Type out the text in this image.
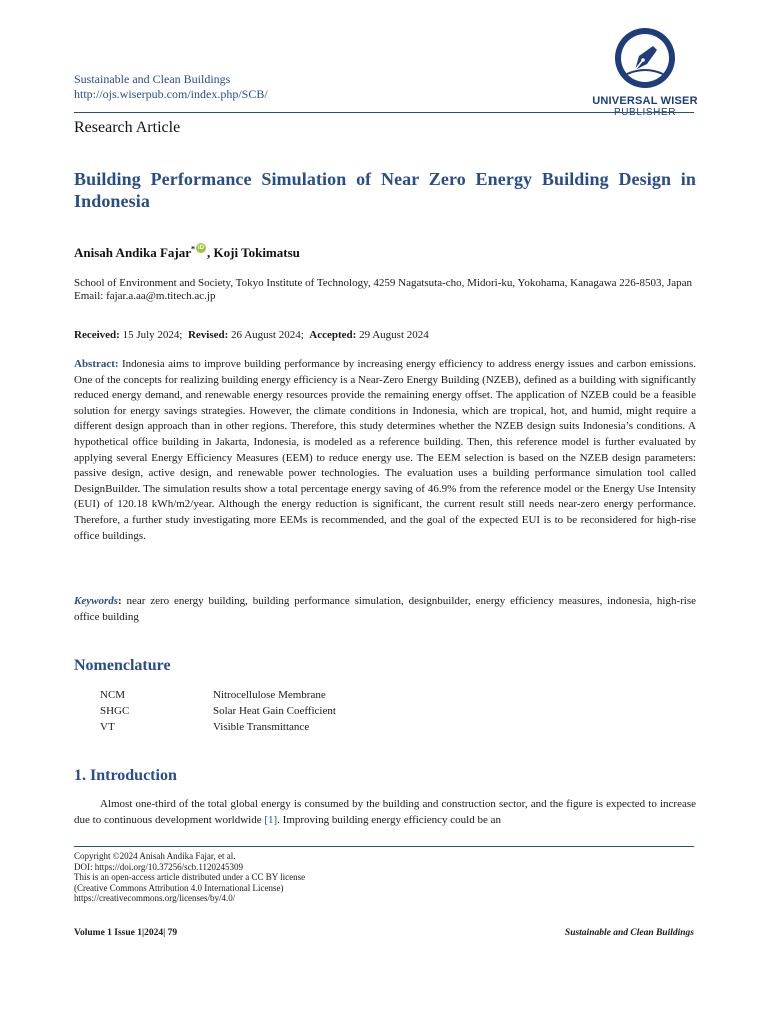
Sustainable and Clean Buildings
http://ojs.wiserpub.com/index.php/SCB/	UNIVERSAL WISER
Research Article
Building Performance Simulation of Near Zero Energy Building Design in Indonesia
Anisah Andika Fajar* iD , Koji Tokimatsu
School of Environment and Society, Tokyo Institute of Technology, 4259 Nagatsuta-cho, Midori-ku, Yokohama, Kanagawa 226-8503, Japan
Email: fajar.a.aa@m.titech.ac.jp
Received: 15 July 2024; Revised: 26 August 2024; Accepted: 29 August 2024
Abstract: Indonesia aims to improve building performance by increasing energy efficiency to address energy issues and carbon emissions. One of the concepts for realizing building energy efficiency is a Near-Zero Energy Building (NZEB), defined as a building with significantly reduced energy demand, and renewable energy resources provide the remaining energy offset. The application of NZEB could be a feasible solution for energy savings strategies. However, the climate conditions in Indonesia, which are tropical, hot, and humid, might require a different design approach than in other regions. Therefore, this study determines whether the NZEB design suits Indonesia’s conditions. A hypothetical office building in Jakarta, Indonesia, is modeled as a reference building. Then, this reference model is further evaluated by applying several Energy Efficiency Measures (EEM) to reduce energy use. The EEM selection is based on the NZEB design parameters: passive design, active design, and renewable power technologies. The evaluation uses a building performance simulation tool called DesignBuilder. The simulation results show a total percentage energy saving of 46.9% from the reference model or the Energy Use Intensity (EUI) of 120.18 kWh/m2/year. Although the energy reduction is significant, the current result still needs near-zero energy performance. Therefore, a further study investigating more EEMs is recommended, and the goal of the expected EUI is to be reconsidered for high-rise office buildings.
Keywords: near zero energy building, building performance simulation, designbuilder, energy efficiency measures, indonesia, high-rise office building
Nomenclature
NCM	Nitrocellulose Membrane
SHGC	Solar Heat Gain Coefficient
VT	Visible Transmittance
1. Introduction
Almost one-third of the total global energy is consumed by the building and construction sector, and the figure is expected to increase due to continuous development worldwide [1]. Improving building energy efficiency could be an
Copyright ©2024 Anisah Andika Fajar, et al.
DOI: https://doi.org/10.37256/scb.1120245309
This is an open-access article distributed under a CC BY license
(Creative Commons Attribution 4.0 International License)
https://creativecommons.org/licenses/by/4.0/
Volume 1 Issue 1|2024| 79	Sustainable and Clean Buildings
